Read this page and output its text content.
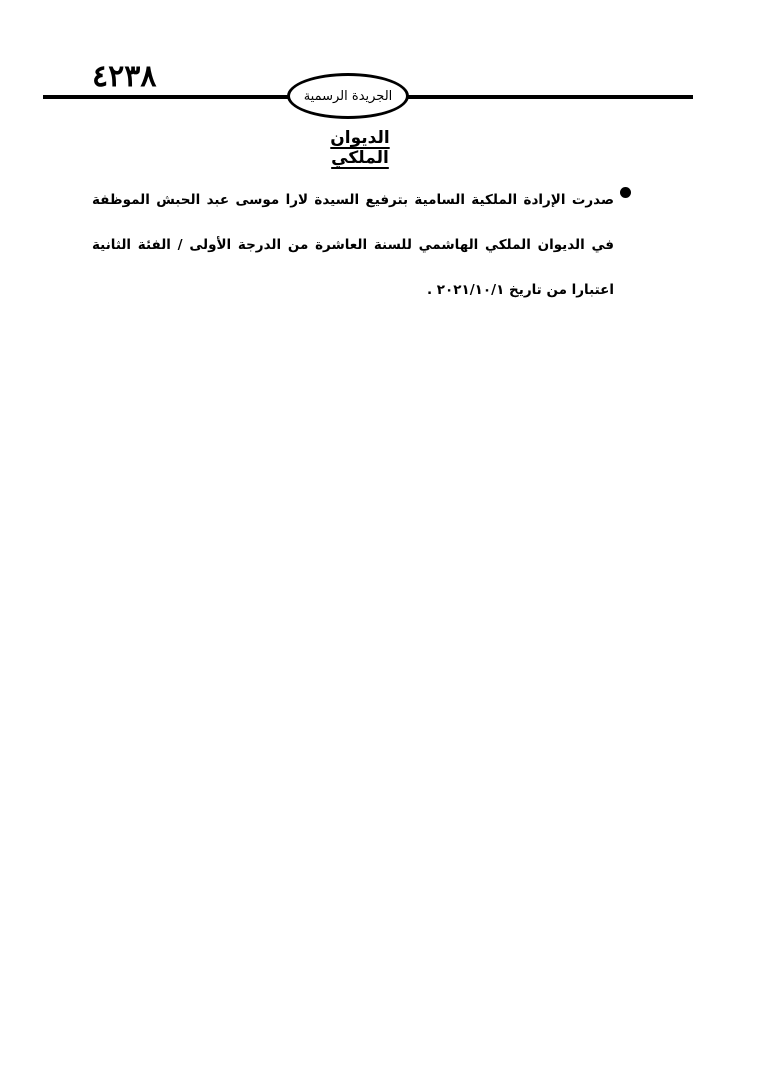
٤٢٣٨
الجريدة الرسمية
الديوان الملكي
صدرت الإرادة الملكية السامية بترفيع السيدة لارا موسى عبد الحبش الموظفة في الديوان الملكي الهاشمي للسنة العاشرة من الدرجة الأولى / الفئة الثانية اعتبارا من تاريخ ٢٠٢١/١٠/١ .
